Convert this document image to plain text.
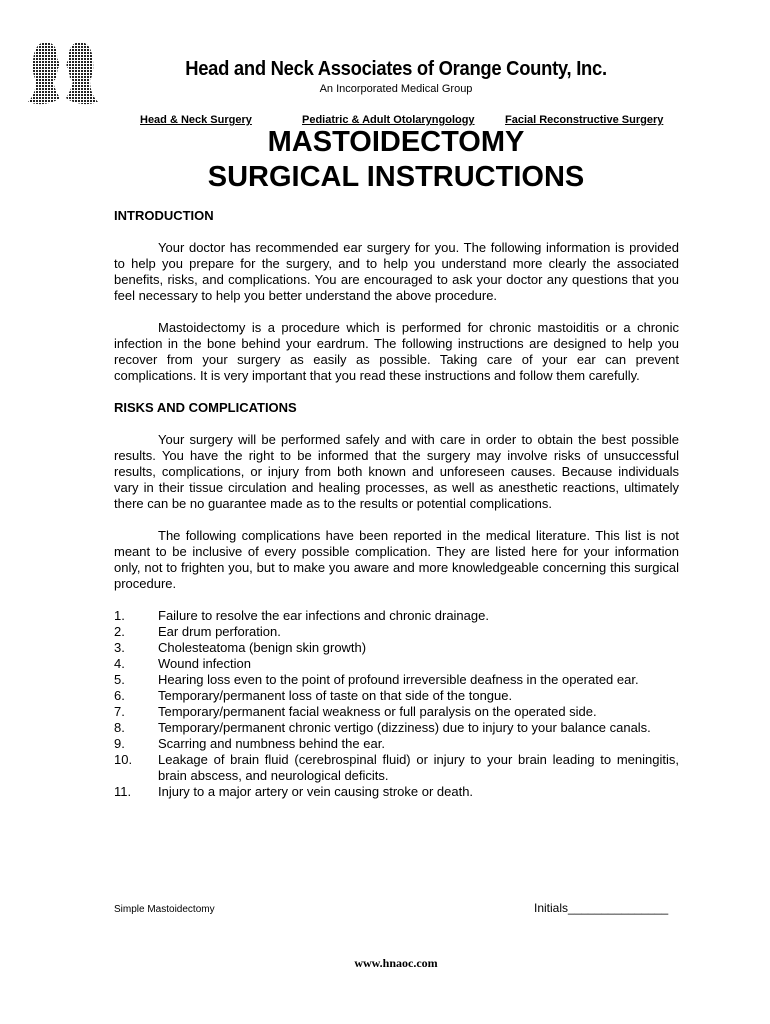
Head and Neck Associates of Orange County, Inc.
An Incorporated Medical Group
Head & Neck Surgery	Pediatric & Adult Otolaryngology	Facial Reconstructive Surgery
MASTOIDECTOMY
SURGICAL INSTRUCTIONS
INTRODUCTION

Your doctor has recommended ear surgery for you. The following information is provided to help you prepare for the surgery, and to help you understand more clearly the associated benefits, risks, and complications. You are encouraged to ask your doctor any questions that you feel necessary to help you better understand the above procedure.

Mastoidectomy is a procedure which is performed for chronic mastoiditis or a chronic infection in the bone behind your eardrum. The following instructions are designed to help you recover from your surgery as easily as possible. Taking care of your ear can prevent complications. It is very important that you read these instructions and follow them carefully.

RISKS AND COMPLICATIONS

Your surgery will be performed safely and with care in order to obtain the best possible results. You have the right to be informed that the surgery may involve risks of unsuccessful results, complications, or injury from both known and unforeseen causes. Because individuals vary in their tissue circulation and healing processes, as well as anesthetic reactions, ultimately there can be no guarantee made as to the results or potential complications.

The following complications have been reported in the medical literature. This list is not meant to be inclusive of every possible complication. They are listed here for your information only, not to frighten you, but to make you aware and more knowledgeable concerning this surgical procedure.

1.	Failure to resolve the ear infections and chronic drainage.
2.	Ear drum perforation.
3.	Cholesteatoma (benign skin growth)
4.	Wound infection
5.	Hearing loss even to the point of profound irreversible deafness in the operated ear.
6.	Temporary/permanent loss of taste on that side of the tongue.
7.	Temporary/permanent facial weakness or full paralysis on the operated side.
8.	Temporary/permanent chronic vertigo (dizziness) due to injury to your balance canals.
9.	Scarring and numbness behind the ear.
10.	Leakage of brain fluid (cerebrospinal fluid) or injury to your brain leading to meningitis, brain abscess, and neurological deficits.
11.	Injury to a major artery or vein causing stroke or death.
Simple Mastoidectomy	Initials_______________
www.hnaoc.com
